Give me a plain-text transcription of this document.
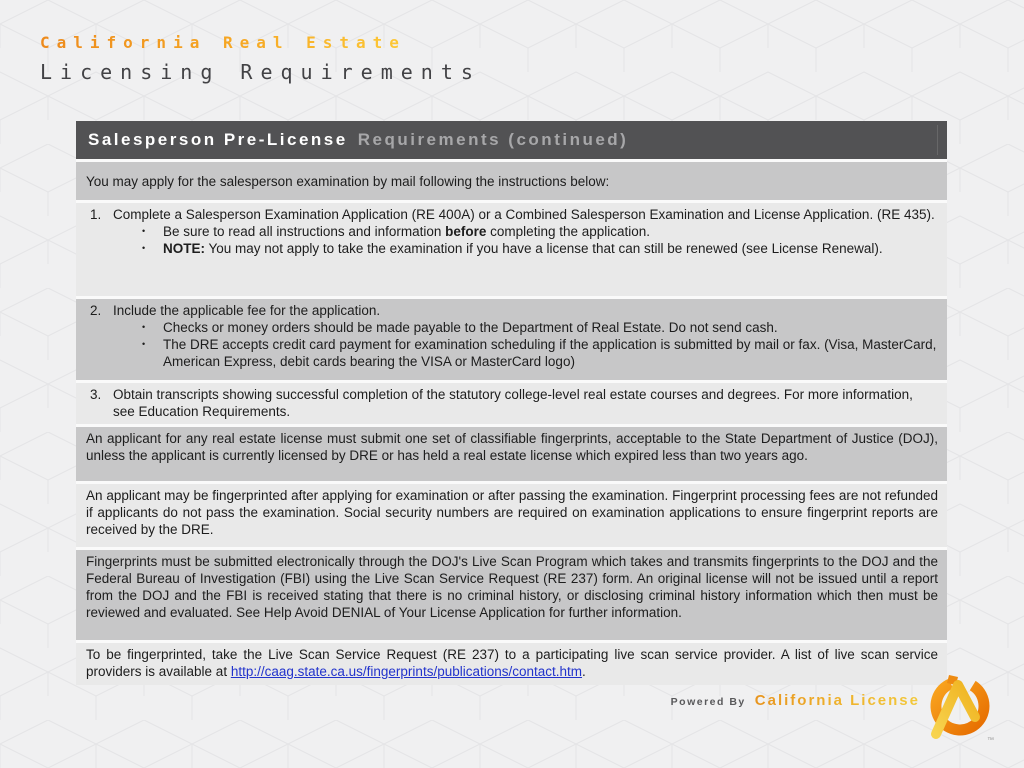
California Real Estate
Licensing Requirements
Salesperson Pre-License Requirements (continued)
You may apply for the salesperson examination by mail following the instructions below:
1. Complete a Salesperson Examination Application (RE 400A) or a Combined Salesperson Examination and License Application. (RE 435).
•	Be sure to read all instructions and information before completing the application.
•	NOTE: You may not apply to take the examination if you have a license that can still be renewed (see License Renewal).
2. Include the applicable fee for the application.
•	Checks or money orders should be made payable to the Department of Real Estate. Do not send cash.
•	The DRE accepts credit card payment for examination scheduling if the application is submitted by mail or fax. (Visa, MasterCard, American Express, debit cards bearing the VISA or MasterCard logo)
3. Obtain transcripts showing successful completion of the statutory college-level real estate courses and degrees. For more information, see Education Requirements.
An applicant for any real estate license must submit one set of classifiable fingerprints, acceptable to the State Department of Justice (DOJ), unless the applicant is currently licensed by DRE or has held a real estate license which expired less than two years ago.
An applicant may be fingerprinted after applying for examination or after passing the examination. Fingerprint processing fees are not refunded if applicants do not pass the examination. Social security numbers are required on examination applications to ensure fingerprint reports are received by the DRE.
Fingerprints must be submitted electronically through the DOJ's Live Scan Program which takes and transmits fingerprints to the DOJ and the Federal Bureau of Investigation (FBI) using the Live Scan Service Request (RE 237) form. An original license will not be issued until a report from the DOJ and the FBI is received stating that there is no criminal history, or disclosing criminal history information which then must be reviewed and evaluated. See Help Avoid DENIAL of Your License Application for further information.
To be fingerprinted, take the Live Scan Service Request (RE 237) to a participating live scan service provider. A list of live scan service providers is available at http://caag.state.ca.us/fingerprints/publications/contact.htm.
Powered By California License
™
